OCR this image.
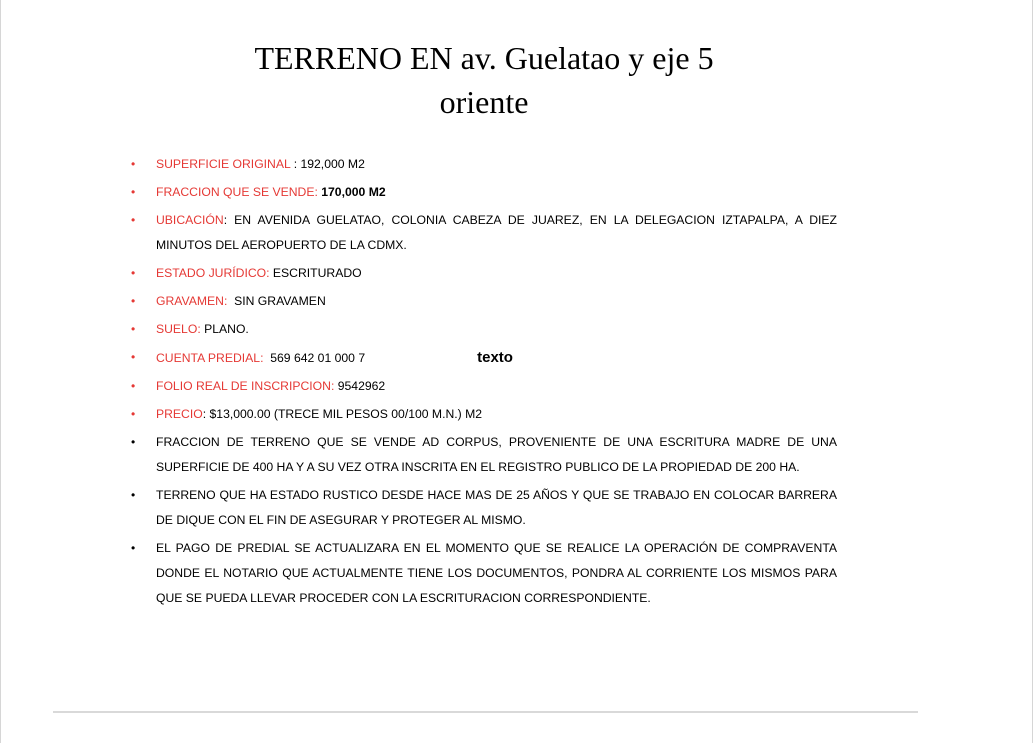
TERRENO EN av. Guelatao y eje 5
oriente
•	SUPERFICIE ORIGINAL : 192,000 M2
•	FRACCION QUE SE VENDE: 170,000 M2
•	UBICACIÓN: EN AVENIDA GUELATAO, COLONIA CABEZA DE JUAREZ, EN LA DELEGACION IZTAPALPA, A DIEZ MINUTOS DEL AEROPUERTO DE LA CDMX.
•	ESTADO JURÍDICO: ESCRITURADO
•	GRAVAMEN:  SIN GRAVAMEN
•	SUELO: PLANO.
•	CUENTA PREDIAL:  569 642 01 000 7	texto
•	FOLIO REAL DE INSCRIPCION: 9542962
•	PRECIO: $13,000.00 (TRECE MIL PESOS 00/100 M.N.) M2
•	FRACCION DE TERRENO QUE SE VENDE AD CORPUS, PROVENIENTE DE UNA ESCRITURA MADRE DE UNA SUPERFICIE DE 400 HA Y A SU VEZ OTRA INSCRITA EN EL REGISTRO PUBLICO DE LA PROPIEDAD DE 200 HA.
•	TERRENO QUE HA ESTADO RUSTICO DESDE HACE MAS DE 25 AÑOS Y QUE SE TRABAJO EN COLOCAR BARRERA DE DIQUE CON EL FIN DE ASEGURAR Y PROTEGER AL MISMO.
•	EL PAGO DE PREDIAL SE ACTUALIZARA EN EL MOMENTO QUE SE REALICE LA OPERACIÓN DE COMPRAVENTA DONDE EL NOTARIO QUE ACTUALMENTE TIENE LOS DOCUMENTOS, PONDRA AL CORRIENTE LOS MISMOS PARA QUE SE PUEDA LLEVAR PROCEDER CON LA ESCRITURACION CORRESPONDIENTE.
